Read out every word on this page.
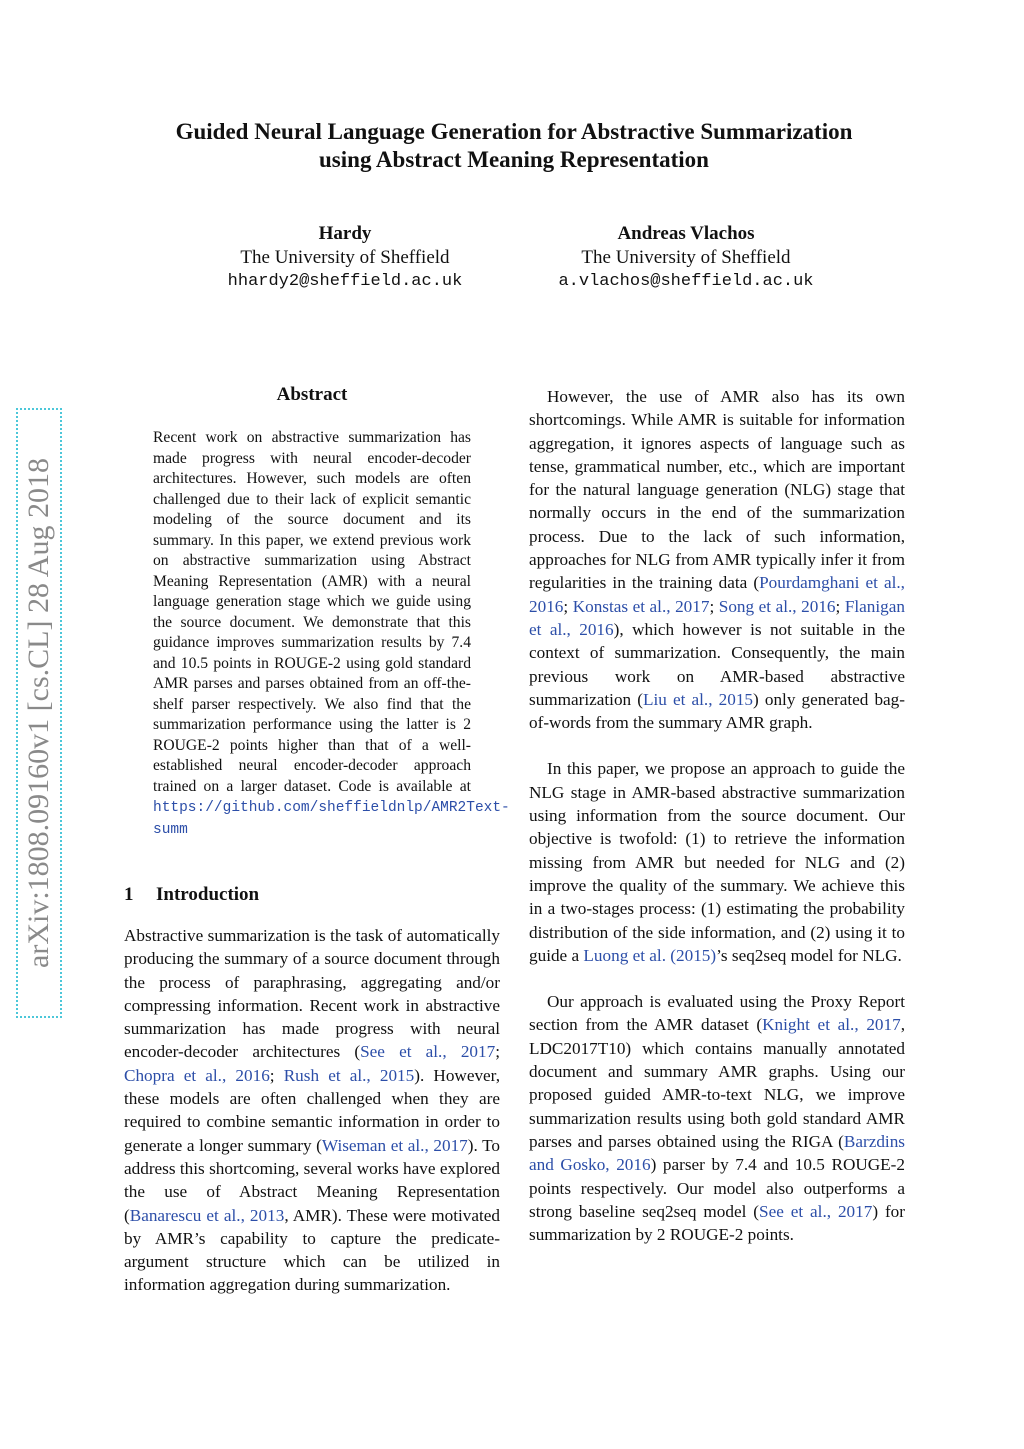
Guided Neural Language Generation for Abstractive Summarization
using Abstract Meaning Representation
Hardy
The University of Sheffield
hhardy2@sheffield.ac.uk
Andreas Vlachos
The University of Sheffield
a.vlachos@sheffield.ac.uk
arXiv:1808.09160v1 [cs.CL] 28 Aug 2018
Abstract
Recent work on abstractive summarization has made progress with neural encoder-decoder architectures. However, such models are often challenged due to their lack of explicit semantic modeling of the source document and its summary. In this paper, we extend previous work on abstractive summarization using Abstract Meaning Representation (AMR) with a neural language generation stage which we guide using the source document. We demonstrate that this guidance improves summarization results by 7.4 and 10.5 points in ROUGE-2 using gold standard AMR parses and parses obtained from an off-the-shelf parser respectively. We also find that the summarization performance using the latter is 2 ROUGE-2 points higher than that of a well-established neural encoder-decoder approach trained on a larger dataset. Code is available at https://github.com/sheffieldnlp/AMR2Text-summ
1 Introduction

Abstractive summarization is the task of automatically producing the summary of a source document through the process of paraphrasing, aggregating and/or compressing information. Recent work in abstractive summarization has made progress with neural encoder-decoder architectures (See et al., 2017; Chopra et al., 2016; Rush et al., 2015). However, these models are often challenged when they are required to combine semantic information in order to generate a longer summary (Wiseman et al., 2017). To address this shortcoming, several works have explored the use of Abstract Meaning Representation (Banarescu et al., 2013, AMR). These were motivated by AMR’s capability to capture the predicate-argument structure which can be utilized in information aggregation during summarization.

However, the use of AMR also has its own shortcomings. While AMR is suitable for information aggregation, it ignores aspects of language such as tense, grammatical number, etc., which are important for the natural language generation (NLG) stage that normally occurs in the end of the summarization process. Due to the lack of such information, approaches for NLG from AMR typically infer it from regularities in the training data (Pourdamghani et al., 2016; Konstas et al., 2017; Song et al., 2016; Flanigan et al., 2016), which however is not suitable in the context of summarization. Consequently, the main previous work on AMR-based abstractive summarization (Liu et al., 2015) only generated bag-of-words from the summary AMR graph.

In this paper, we propose an approach to guide the NLG stage in AMR-based abstractive summarization using information from the source document. Our objective is twofold: (1) to retrieve the information missing from AMR but needed for NLG and (2) improve the quality of the summary. We achieve this in a two-stages process: (1) estimating the probability distribution of the side information, and (2) using it to guide a Luong et al. (2015)’s seq2seq model for NLG.

Our approach is evaluated using the Proxy Report section from the AMR dataset (Knight et al., 2017, LDC2017T10) which contains manually annotated document and summary AMR graphs. Using our proposed guided AMR-to-text NLG, we improve summarization results using both gold standard AMR parses and parses obtained using the RIGA (Barzdins and Gosko, 2016) parser by 7.4 and 10.5 ROUGE-2 points respectively. Our model also outperforms a strong baseline seq2seq model (See et al., 2017) for summarization by 2 ROUGE-2 points.
